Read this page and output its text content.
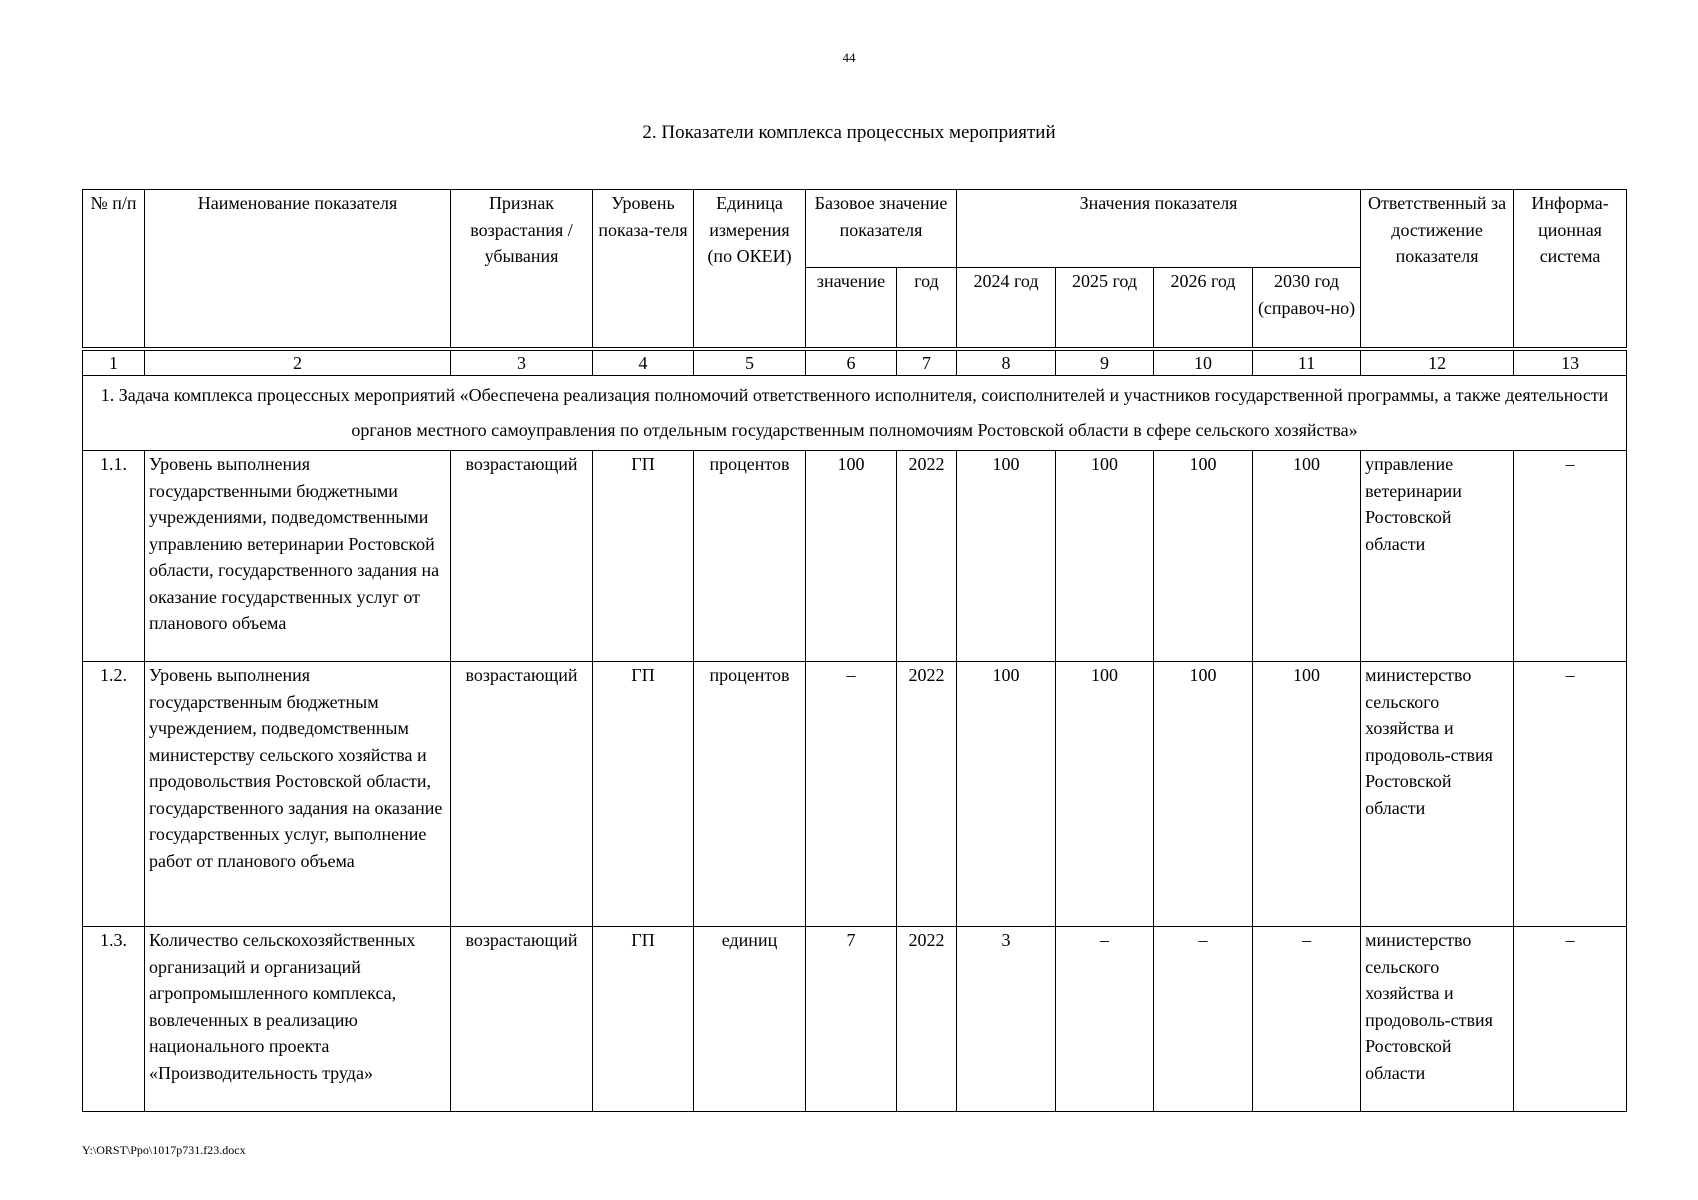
44
2. Показатели комплекса процессных мероприятий
№ п/п	Наименование показателя	Признак возрастания / убывания	Уровень показа-теля	Единица измерения (по ОКЕИ)	Базовое значение показателя		Значения показателя				Ответственный за достижение показателя	Информа-ционная система
					значение	год	2024 год	2025 год	2026 год	2030 год (справоч-но)		
1	2	3	4	5	6	7	8	9	10	11	12	13
1. Задача комплекса процессных мероприятий «Обеспечена реализация полномочий ответственного исполнителя, соисполнителей и участников государственной программы, а также деятельности органов местного самоуправления по отдельным государственным полномочиям Ростовской области в сфере сельского хозяйства»												
1.1.	Уровень выполнения государственными бюджетными учреждениями, подведомственными управлению ветеринарии Ростовской области, государственного задания на оказание государственных услуг от планового объема	возрастающий	ГП	процентов	100	2022	100	100	100	100	управление ветеринарии Ростовской области	–
1.2.	Уровень выполнения государственным бюджетным учреждением, подведомственным министерству сельского хозяйства и продовольствия Ростовской области, государственного задания на оказание государственных услуг, выполнение работ от планового объема	возрастающий	ГП	процентов	–	2022	100	100	100	100	министерство сельского хозяйства и продоволь-ствия Ростовской области	–
1.3.	Количество сельскохозяйственных организаций и организаций агропромышленного комплекса, вовлеченных в реализацию национального проекта «Производительность труда»	возрастающий	ГП	единиц	7	2022	3	–	–	–	министерство сельского хозяйства и продоволь-ствия Ростовской области	–
Y:\ORST\Ppo\1017p731.f23.docx
